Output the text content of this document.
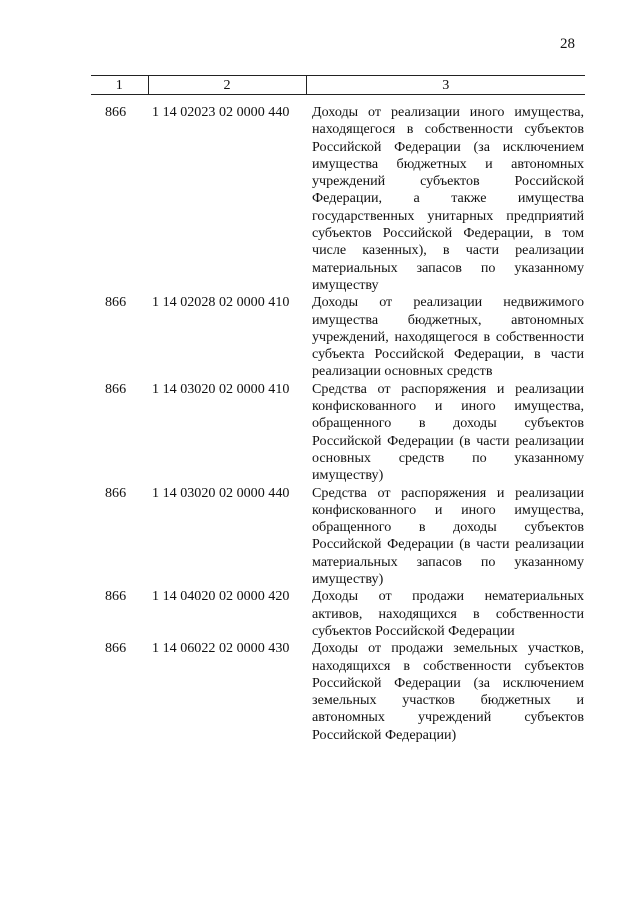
28
1	2	3

866	1 14 02023 02 0000 440	Доходы от реализации иного имущества, находящегося в собственности субъектов Российской Федерации (за исключением имущества бюджетных и автономных учреждений субъектов Российской Федерации, а также имущества государственных унитарных предприятий субъектов Российской Федерации, в том числе казенных), в части реализации материальных запасов по указанному имуществу
866	1 14 02028 02 0000 410	Доходы от реализации недвижимого имущества бюджетных, автономных учреждений, находящегося в собственности субъекта Российской Федерации, в части реализации основных средств
866	1 14 03020 02 0000 410	Средства от распоряжения и реализации конфискованного и иного имущества, обращенного в доходы субъектов Российской Федерации (в части реализации основных средств по указанному имуществу)
866	1 14 03020 02 0000 440	Средства от распоряжения и реализации конфискованного и иного имущества, обращенного в доходы субъектов Российской Федерации (в части реализации материальных запасов по указанному имуществу)
866	1 14 04020 02 0000 420	Доходы от продажи нематериальных активов, находящихся в собственности субъектов Российской Федерации
866	1 14 06022 02 0000 430	Доходы от продажи земельных участков, находящихся в собственности субъектов Российской Федерации (за исключением земельных участков бюджетных и автономных учреждений субъектов Российской Федерации)
